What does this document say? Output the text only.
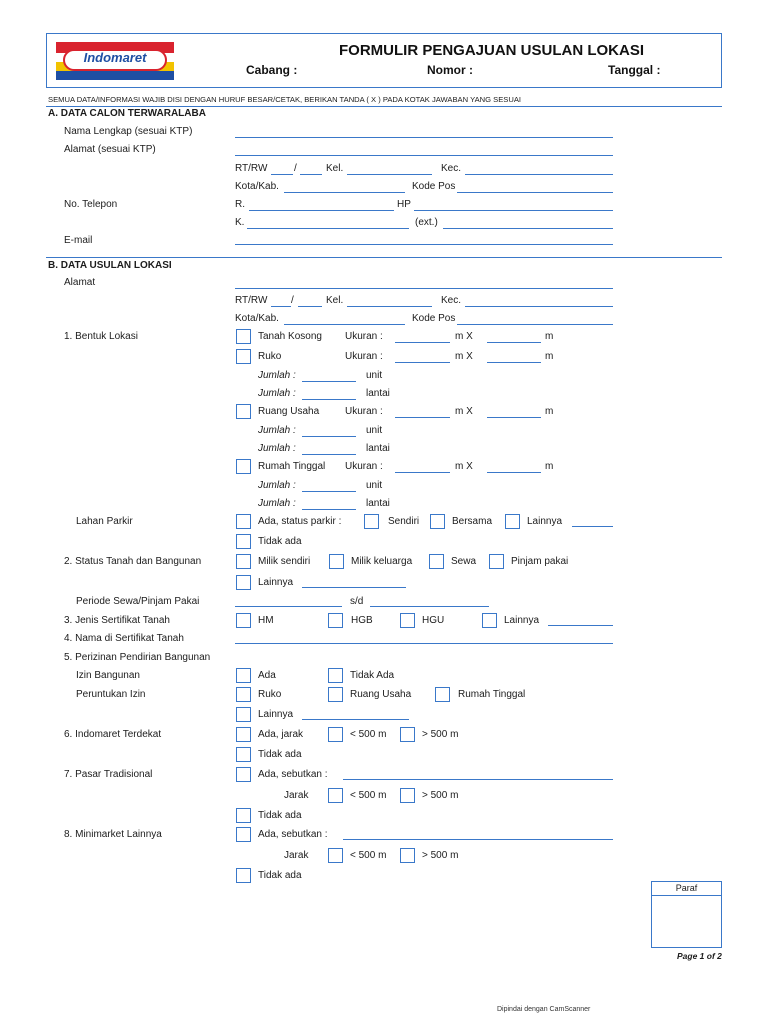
Indomaret	FORMULIR PENGAJUAN USULAN LOKASI
Cabang :	Nomor :	Tanggal :
SEMUA DATA/INFORMASI WAJIB DISI DENGAN HURUF BESAR/CETAK, BERIKAN TANDA ( X ) PADA KOTAK JAWABAN YANG SESUAI
A. DATA CALON TERWARALABA
Nama Lengkap (sesuai KTP)
Alamat (sesuai KTP)
RT/RW	/	Kel.	Kec.
Kota/Kab.	Kode Pos
No. Telepon	R.	HP
K.	(ext.)
E-mail
B. DATA USULAN LOKASI
Alamat
RT/RW /	Kel.	Kec.
Kota/Kab.	Kode Pos
1. Bentuk Lokasi	Tanah Kosong Ukuran :	m X	m
Ruko	Ukuran :	m X	m
Jumlah :	unit
Jumlah :	lantai
Ruang Usaha	Ukuran :	m X	m
Jumlah :	unit
Jumlah :	lantai
Rumah Tinggal Ukuran :	m X	m
Jumlah :	unit
Jumlah :	lantai
Lahan Parkir	Ada, status parkir :	Sendiri	Bersama	Lainnya
Tidak ada
2. Status Tanah dan Bangunan	Milik sendiri	Milik keluarga	Sewa	Pinjam pakai
Lainnya
Periode Sewa/Pinjam Pakai	s/d
3. Jenis Sertifikat Tanah	HM	HGB	HGU	Lainnya
4. Nama di Sertifikat Tanah
5. Perizinan Pendirian Bangunan
Izin Bangunan	Ada	Tidak Ada
Peruntukan Izin	Ruko	Ruang Usaha	Rumah Tinggal
Lainnya
6. Indomaret Terdekat	Ada, jarak	< 500 m	> 500 m
Tidak ada
7. Pasar Tradisional	Ada, sebutkan :
Jarak	< 500 m	> 500 m
Tidak ada
8. Minimarket Lainnya	Ada, sebutkan :
Jarak	< 500 m	> 500 m
Tidak ada
Paraf
Page 1 of 2
Dipindai dengan CamScanner
